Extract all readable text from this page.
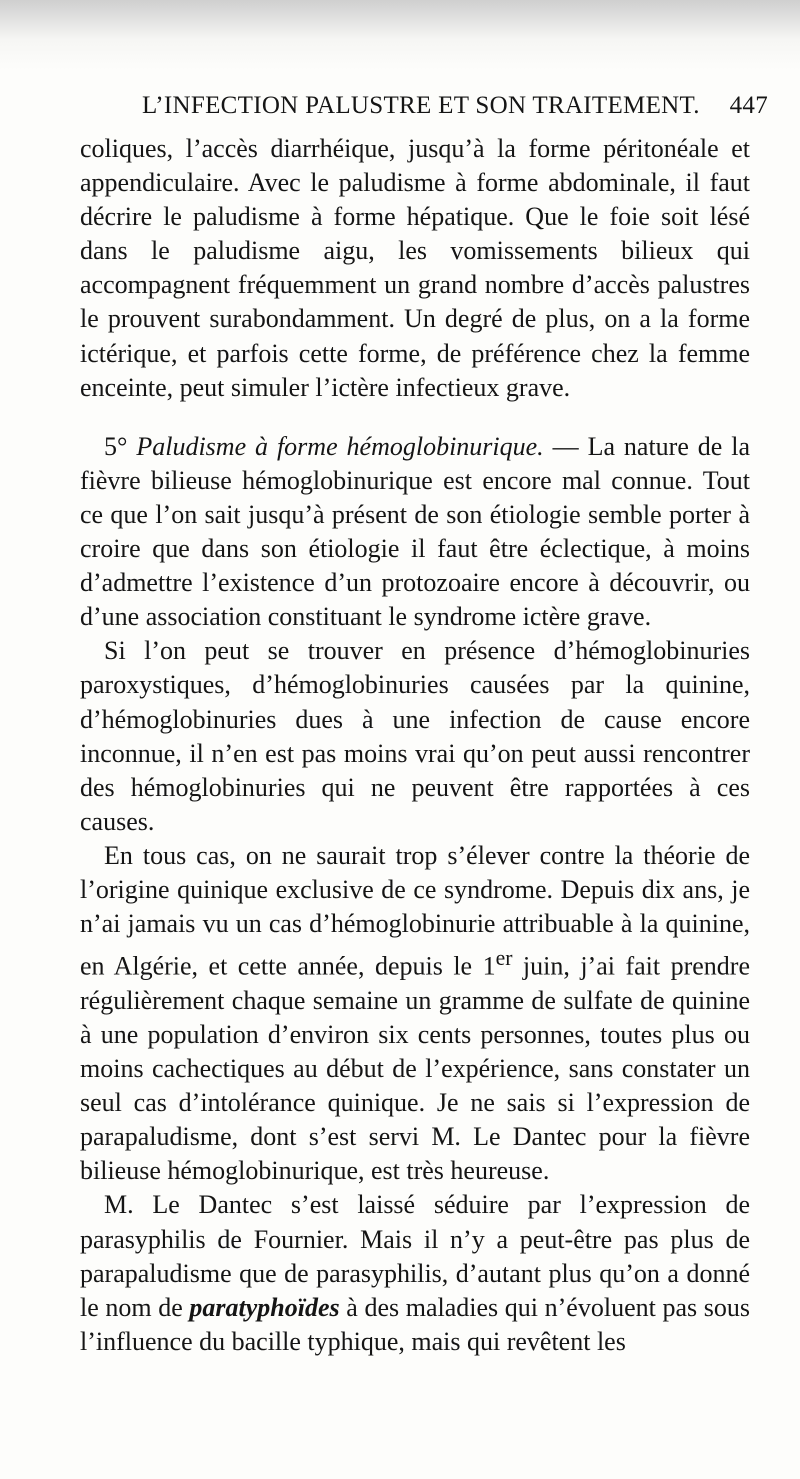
L’INFECTION PALUSTRE ET SON TRAITEMENT. 447

coliques, l’accès diarrhéique, jusqu’à la forme péritonéale et appendiculaire. Avec le paludisme à forme abdominale, il faut décrire le paludisme à forme hépatique. Que le foie soit lésé dans le paludisme aigu, les vomissements bilieux qui accompagnent fréquemment un grand nombre d’accès palustres le prouvent surabondamment. Un degré de plus, on a la forme ictérique, et parfois cette forme, de préférence chez la femme enceinte, peut simuler l’ictère infectieux grave.

5° Paludisme à forme hémoglobinurique. — La nature de la fièvre bilieuse hémoglobinurique est encore mal connue. Tout ce que l’on sait jusqu’à présent de son étiologie semble porter à croire que dans son étiologie il faut être éclectique, à moins d’admettre l’existence d’un protozoaire encore à découvrir, ou d’une association constituant le syndrome ictère grave.

Si l’on peut se trouver en présence d’hémoglobinuries paroxystiques, d’hémoglobinuries causées par la quinine, d’hémoglobinuries dues à une infection de cause encore inconnue, il n’en est pas moins vrai qu’on peut aussi rencontrer des hémoglobinuries qui ne peuvent être rapportées à ces causes.

En tous cas, on ne saurait trop s’élever contre la théorie de l’origine quinique exclusive de ce syndrome. Depuis dix ans, je n’ai jamais vu un cas d’hémoglobinurie attribuable à la quinine, en Algérie, et cette année, depuis le 1er juin, j’ai fait prendre régulièrement chaque semaine un gramme de sulfate de quinine à une population d’environ six cents personnes, toutes plus ou moins cachectiques au début de l’expérience, sans constater un seul cas d’intolérance quinique. Je ne sais si l’expression de parapaludisme, dont s’est servi M. Le Dantec pour la fièvre bilieuse hémoglobinurique, est très heureuse.

M. Le Dantec s’est laissé séduire par l’expression de parasyphilis de Fournier. Mais il n’y a peut-être pas plus de parapaludisme que de parasyphilis, d’autant plus qu’on a donné le nom de paratyphoïdes à des maladies qui n’évoluent pas sous l’influence du bacille typhique, mais qui revêtent les
